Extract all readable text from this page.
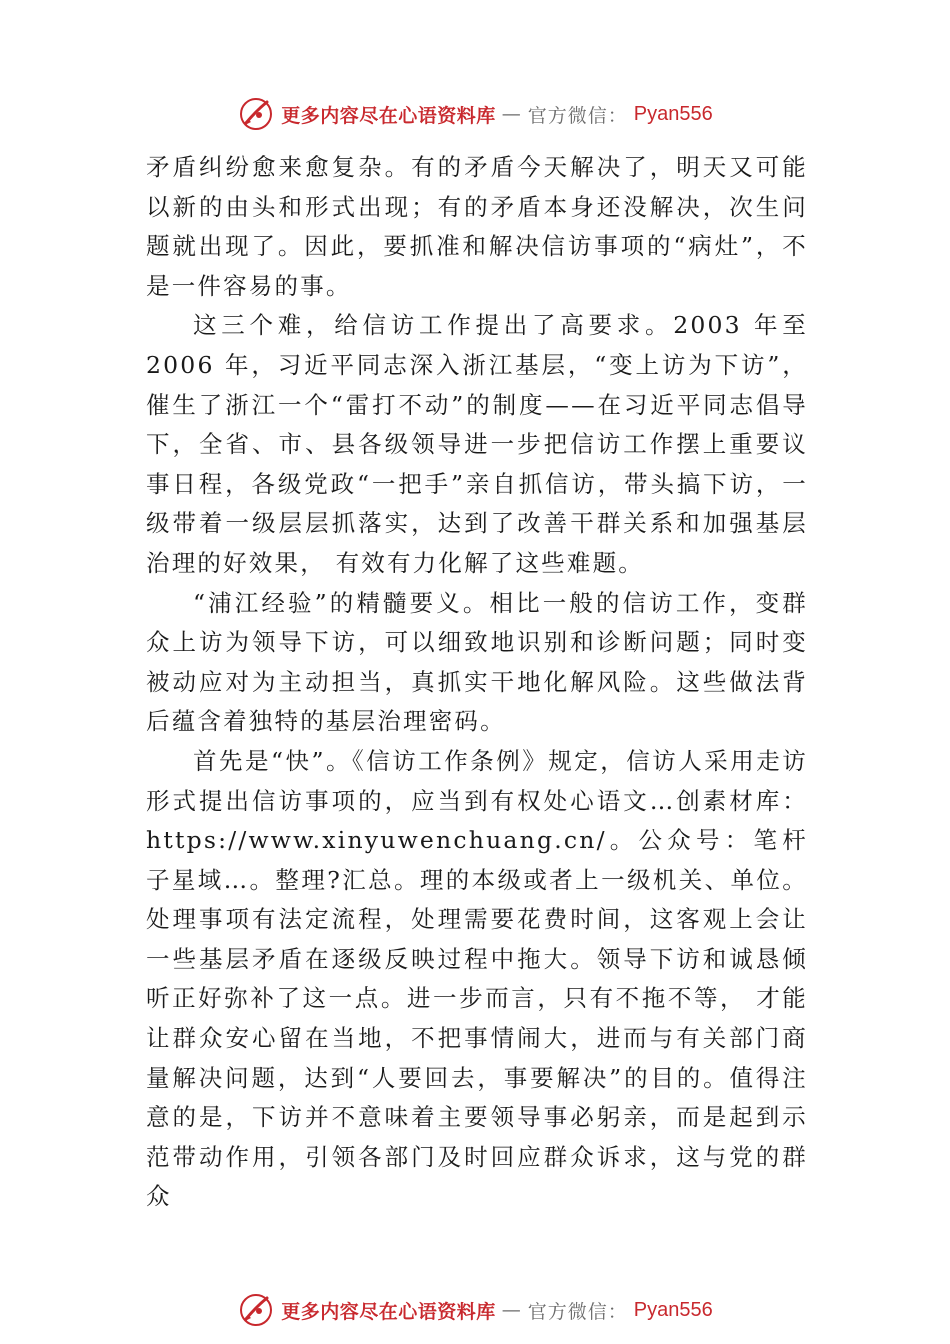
更多内容尽在心语资料库 — 官方微信： Pyan556

矛盾纠纷愈来愈复杂。有的矛盾今天解决了，明天又可能以新的由头和形式出现；有的矛盾本身还没解决，次生问题就出现了。因此，要抓准和解决信访事项的“病灶”，不是一件容易的事。

这三个难，给信访工作提出了高要求。2003 年至 2006 年，习近平同志深入浙江基层，“变上访为下访”，催生了浙江一个“雷打不动”的制度——在习近平同志倡导下，全省、市、县各级领导进一步把信访工作摆上重要议事日程，各级党政“一把手”亲自抓信访，带头搞下访，一级带着一级层层抓落实，达到了改善干群关系和加强基层治理的好效果， 有效有力化解了这些难题。

“浦江经验”的精髓要义。相比一般的信访工作，变群众上访为领导下访，可以细致地识别和诊断问题；同时变被动应对为主动担当，真抓实干地化解风险。这些做法背后蕴含着独特的基层治理密码。

首先是“快”。《信访工作条例》规定，信访人采用走访形式提出信访事项的，应当到有权处心语文…创素材库：https://www.xinyuwenchuang.cn/。公众号：笔杆子星域…。整理?汇总。理的本级或者上一级机关、单位。处理事项有法定流程，处理需要花费时间，这客观上会让一些基层矛盾在逐级反映过程中拖大。领导下访和诚恳倾听正好弥补了这一点。进一步而言，只有不拖不等， 才能让群众安心留在当地，不把事情闹大，进而与有关部门商量解决问题，达到“人要回去，事要解决”的目的。值得注意的是，下访并不意味着主要领导事必躬亲，而是起到示范带动作用，引领各部门及时回应群众诉求，这与党的群众

更多内容尽在心语资料库 — 官方微信： Pyan556
